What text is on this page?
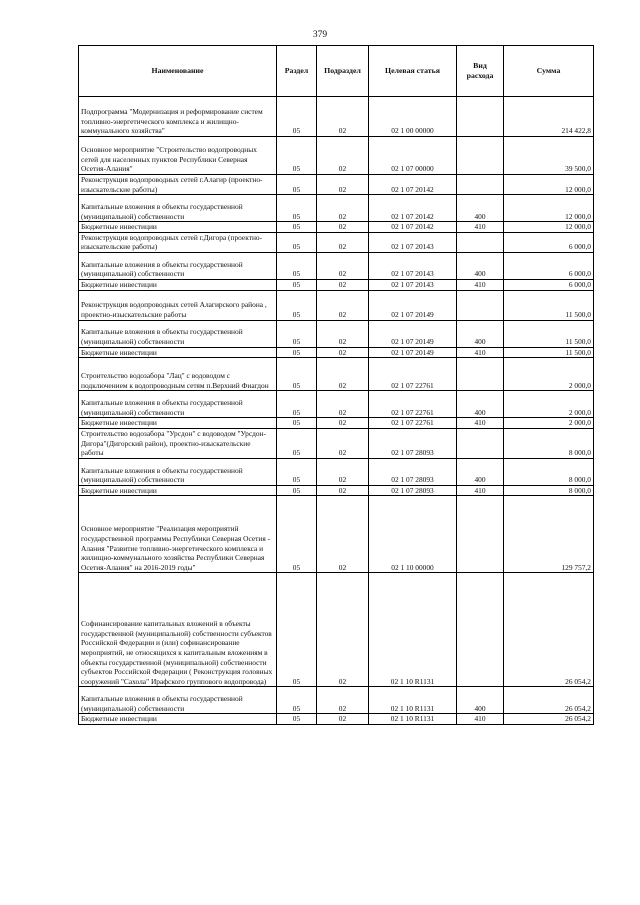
379
Наименование	Раздел	Подраздел	Целевая статья	Вид расхода	Сумма
Подпрограмма "Модернизация и реформирование систем топливно-энергетического комплекса и жилищно-коммунального хозяйства"	05	02	02 1 00 00000		214 422,8
Основное мероприятие "Строительство водопроводных сетей для населенных пунктов Республики Северная Осетия-Алания"	05	02	02 1 07 00000		39 500,0
Реконструкция водопроводных сетей г.Алагир (проектно-изыскательские работы)	05	02	02 1 07 20142		12 000,0
Капитальные вложения в объекты государственной (муниципальной) собственности	05	02	02 1 07 20142	400	12 000,0
Бюджетные инвестиции	05	02	02 1 07 20142	410	12 000,0
Реконструкция водопроводных сетей г.Дигора (проектно-изыскательские работы)	05	02	02 1 07 20143		6 000,0
Капитальные вложения в объекты государственной (муниципальной) собственности	05	02	02 1 07 20143	400	6 000,0
Бюджетные инвестиции	05	02	02 1 07 20143	410	6 000,0
Реконструкция водопроводных сетей Алагирского района , проектно-изыскательские работы	05	02	02 1 07 20149		11 500,0
Капитальные вложения в объекты государственной (муниципальной) собственности	05	02	02 1 07 20149	400	11 500,0
Бюджетные инвестиции	05	02	02 1 07 20149	410	11 500,0
Строительство водозабора "Лац" с водоводом с подключением к водопроводным сетям п.Верхний Фиагдон	05	02	02 1 07 22761		2 000,0
Капитальные вложения в объекты государственной (муниципальной) собственности	05	02	02 1 07 22761	400	2 000,0
Бюджетные инвестиции	05	02	02 1 07 22761	410	2 000,0
Строительство водозабора "Урсдон" с водоводом "Урсдон-Дигора"(Дигорский район), проектно-изыскательские работы	05	02	02 1 07 28093		8 000,0
Капитальные вложения в объекты государственной (муниципальной) собственности	05	02	02 1 07 28093	400	8 000,0
Бюджетные инвестиции	05	02	02 1 07 28093	410	8 000,0
Основное мероприятие "Реализация мероприятий государственной программы Республики Северная Осетия - Алания "Развитие топливно-энергетического комплекса и жилищно-коммунального хозяйства Республики Северная Осетия-Алания" на 2016-2019 годы"	05	02	02 1 10 00000		129 757,2
Софинансирование капитальных вложений в объекты государственной (муниципальной) собственности субъектов Российской Федерации и (или) софинансирование мероприятий, не относящихся к капитальным вложениям в объекты государственной (муниципальной) собственности субъектов Российской Федерации ( Реконструкция головных сооружений "Сахола" Ирафского группового водопровода)	05	02	02 1 10 R1131		26 054,2
Капитальные вложения в объекты государственной (муниципальной) собственности	05	02	02 1 10 R1131	400	26 054,2
Бюджетные инвестиции	05	02	02 1 10 R1131	410	26 054,2
